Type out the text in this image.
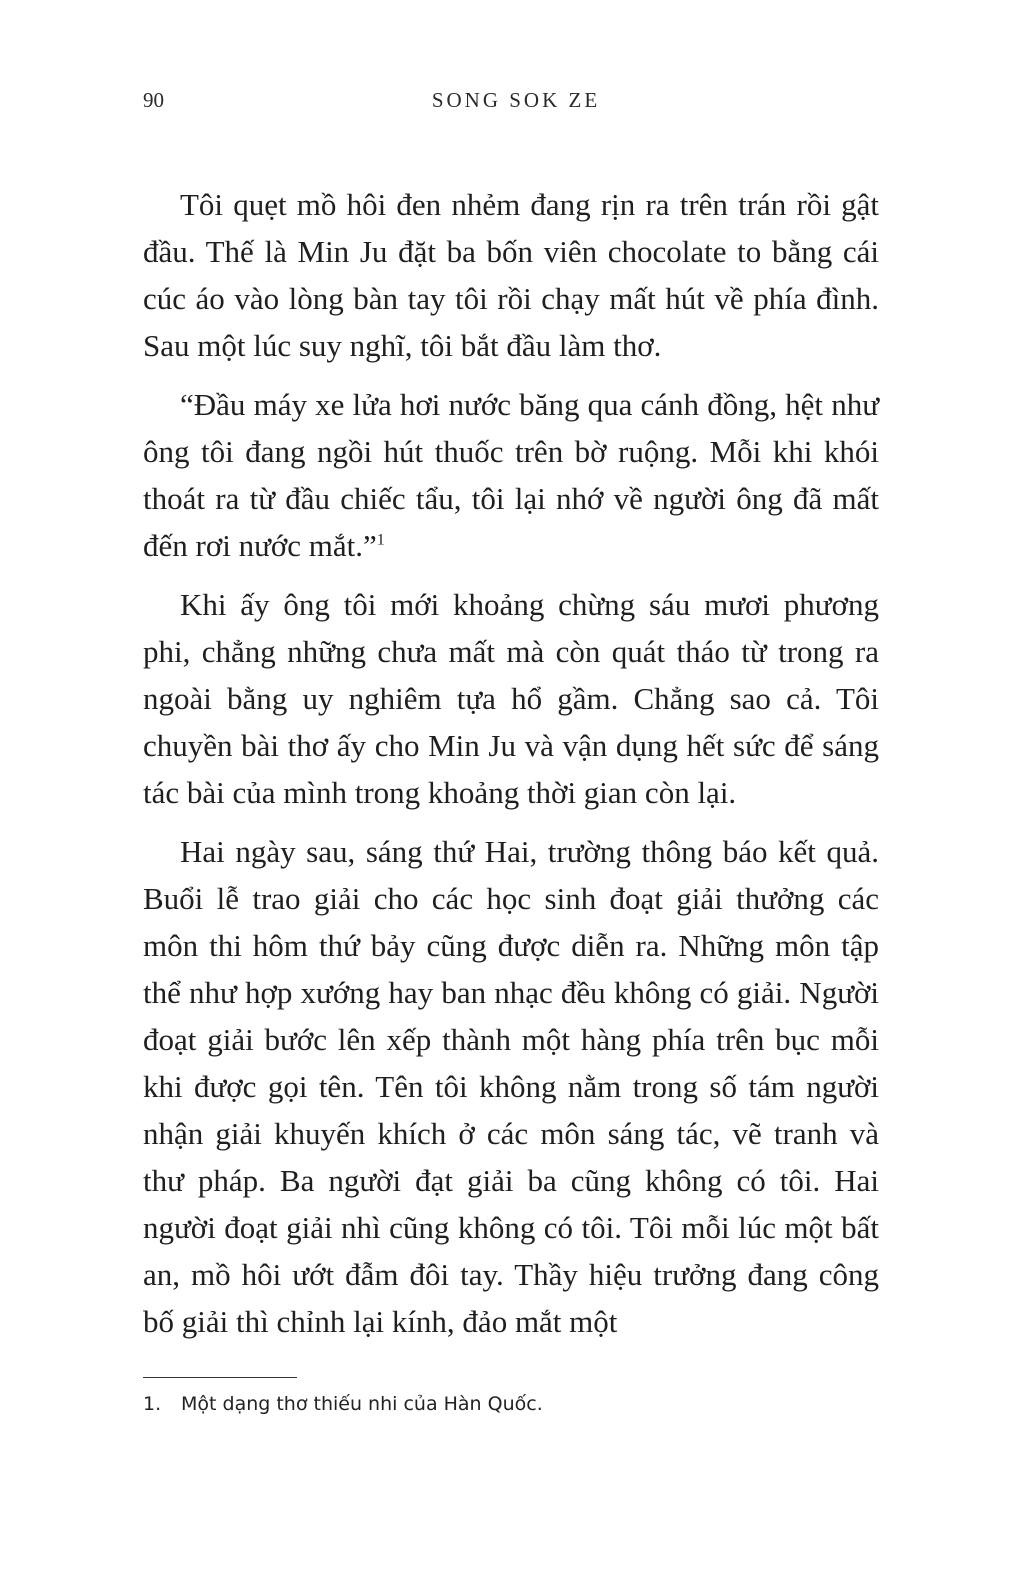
90	SONG SOK ZE

Tôi quẹt mồ hôi đen nhẻm đang rịn ra trên trán rồi gật đầu. Thế là Min Ju đặt ba bốn viên chocolate to bằng cái cúc áo vào lòng bàn tay tôi rồi chạy mất hút về phía đình. Sau một lúc suy nghĩ, tôi bắt đầu làm thơ.

“Đầu máy xe lửa hơi nước băng qua cánh đồng, hệt như ông tôi đang ngồi hút thuốc trên bờ ruộng. Mỗi khi khói thoát ra từ đầu chiếc tẩu, tôi lại nhớ về người ông đã mất đến rơi nước mắt.”$^1$

Khi ấy ông tôi mới khoảng chừng sáu mươi phương phi, chẳng những chưa mất mà còn quát tháo từ trong ra ngoài bằng uy nghiêm tựa hổ gầm. Chẳng sao cả. Tôi chuyền bài thơ ấy cho Min Ju và vận dụng hết sức để sáng tác bài của mình trong khoảng thời gian còn lại.

Hai ngày sau, sáng thứ Hai, trường thông báo kết quả. Buổi lễ trao giải cho các học sinh đoạt giải thưởng các môn thi hôm thứ bảy cũng được diễn ra. Những môn tập thể như hợp xướng hay ban nhạc đều không có giải. Người đoạt giải bước lên xếp thành một hàng phía trên bục mỗi khi được gọi tên. Tên tôi không nằm trong số tám người nhận giải khuyến khích ở các môn sáng tác, vẽ tranh và thư pháp. Ba người đạt giải ba cũng không có tôi. Hai người đoạt giải nhì cũng không có tôi. Tôi mỗi lúc một bất an, mồ hôi ướt đẫm đôi tay. Thầy hiệu trưởng đang công bố giải thì chỉnh lại kính, đảo mắt một

1. Một dạng thơ thiếu nhi của Hàn Quốc.
